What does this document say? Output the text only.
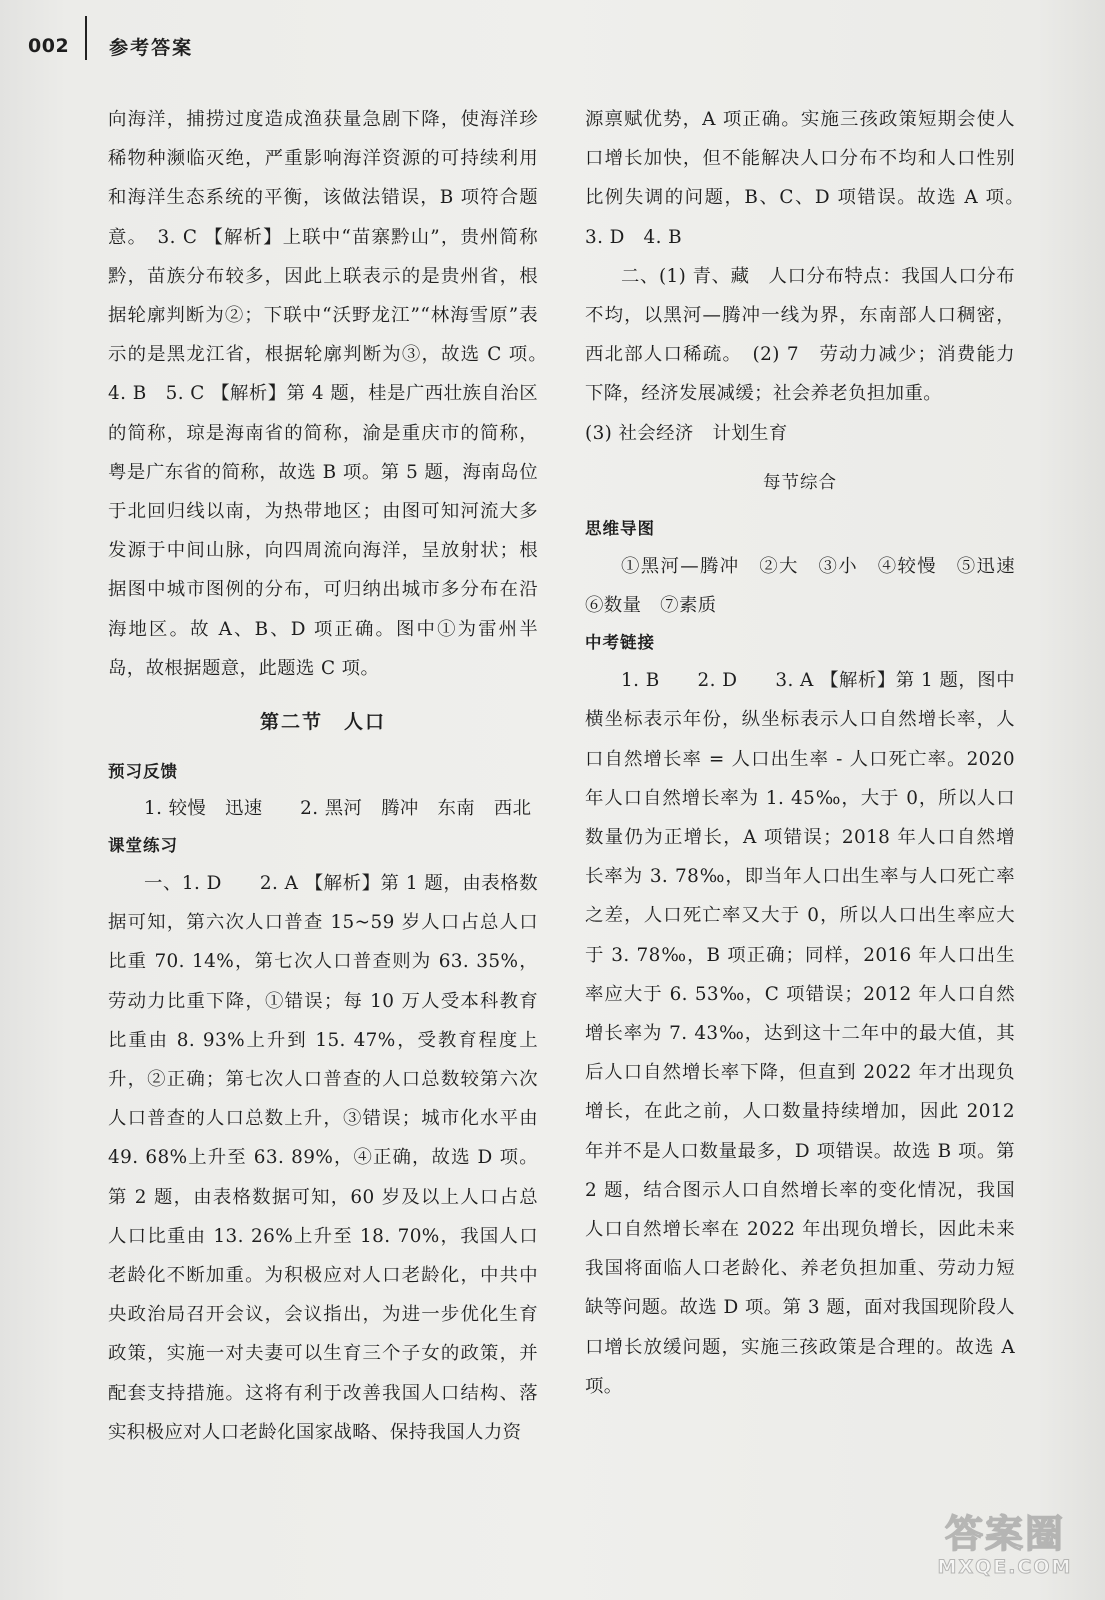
002 参考答案

向海洋，捕捞过度造成渔获量急剧下降，使海洋珍稀物种濒临灭绝，严重影响海洋资源的可持续利用和海洋生态系统的平衡，该做法错误，B 项符合题意。　3. C 【解析】上联中“苗寨黔山”，贵州简称黔，苗族分布较多，因此上联表示的是贵州省，根据轮廓判断为②；下联中“沃野龙江”“林海雪原”表示的是黑龙江省，根据轮廓判断为③，故选 C 项。　4. B　5. C 【解析】第 4 题，桂是广西壮族自治区的简称，琼是海南省的简称，渝是重庆市的简称，粤是广东省的简称，故选 B 项。第 5 题，海南岛位于北回归线以南，为热带地区；由图可知河流大多发源于中间山脉，向四周流向海洋，呈放射状；根据图中城市图例的分布，可归纳出城市多分布在沿海地区。故 A、B、D 项正确。图中①为雷州半岛，故根据题意，此题选 C 项。

第二节　人口

预习反馈

1. 较慢　迅速　　2. 黑河　腾冲　东南　西北

课堂练习

一、1. D　　2. A 【解析】第 1 题，由表格数据可知，第六次人口普查 15~59 岁人口占总人口比重 70. 14%，第七次人口普查则为 63. 35%，劳动力比重下降，①错误；每 10 万人受本科教育比重由 8. 93%上升到 15. 47%，受教育程度上升，②正确；第七次人口普查的人口总数较第六次人口普查的人口总数上升，③错误；城市化水平由 49. 68%上升至 63. 89%，④正确，故选 D 项。第 2 题，由表格数据可知，60 岁及以上人口占总人口比重由 13. 26%上升至 18. 70%，我国人口老龄化不断加重。为积极应对人口老龄化，中共中央政治局召开会议，会议指出，为进一步优化生育政策，实施一对夫妻可以生育三个子女的政策，并配套支持措施。这将有利于改善我国人口结构、落实积极应对人口老龄化国家战略、保持我国人力资

源禀赋优势，A 项正确。实施三孩政策短期会使人口增长加快，但不能解决人口分布不均和人口性别比例失调的问题，B、C、D 项错误。故选 A 项。　3. D　4. B

二、(1) 青、藏　人口分布特点：我国人口分布不均，以黑河—腾冲一线为界，东南部人口稠密，西北部人口稀疏。　(2) 7　劳动力减少；消费能力下降，经济发展减缓；社会养老负担加重。

(3) 社会经济　计划生育

每节综合

思维导图

①黑河—腾冲　②大　③小　④较慢　⑤迅速　⑥数量　⑦素质

中考链接

1. B　　2. D　　3. A 【解析】第 1 题，图中横坐标表示年份，纵坐标表示人口自然增长率，人口自然增长率 = 人口出生率 - 人口死亡率。2020 年人口自然增长率为 1. 45‰，大于 0，所以人口数量仍为正增长，A 项错误；2018 年人口自然增长率为 3. 78‰，即当年人口出生率与人口死亡率之差，人口死亡率又大于 0，所以人口出生率应大于 3. 78‰，B 项正确；同样，2016 年人口出生率应大于 6. 53‰，C 项错误；2012 年人口自然增长率为 7. 43‰，达到这十二年中的最大值，其后人口自然增长率下降，但直到 2022 年才出现负增长，在此之前，人口数量持续增加，因此 2012 年并不是人口数量最多，D 项错误。故选 B 项。第 2 题，结合图示人口自然增长率的变化情况，我国人口自然增长率在 2022 年出现负增长，因此未来我国将面临人口老龄化、养老负担加重、劳动力短缺等问题。故选 D 项。第 3 题，面对我国现阶段人口增长放缓问题，实施三孩政策是合理的。故选 A 项。

答案圈
MXQE.COM
